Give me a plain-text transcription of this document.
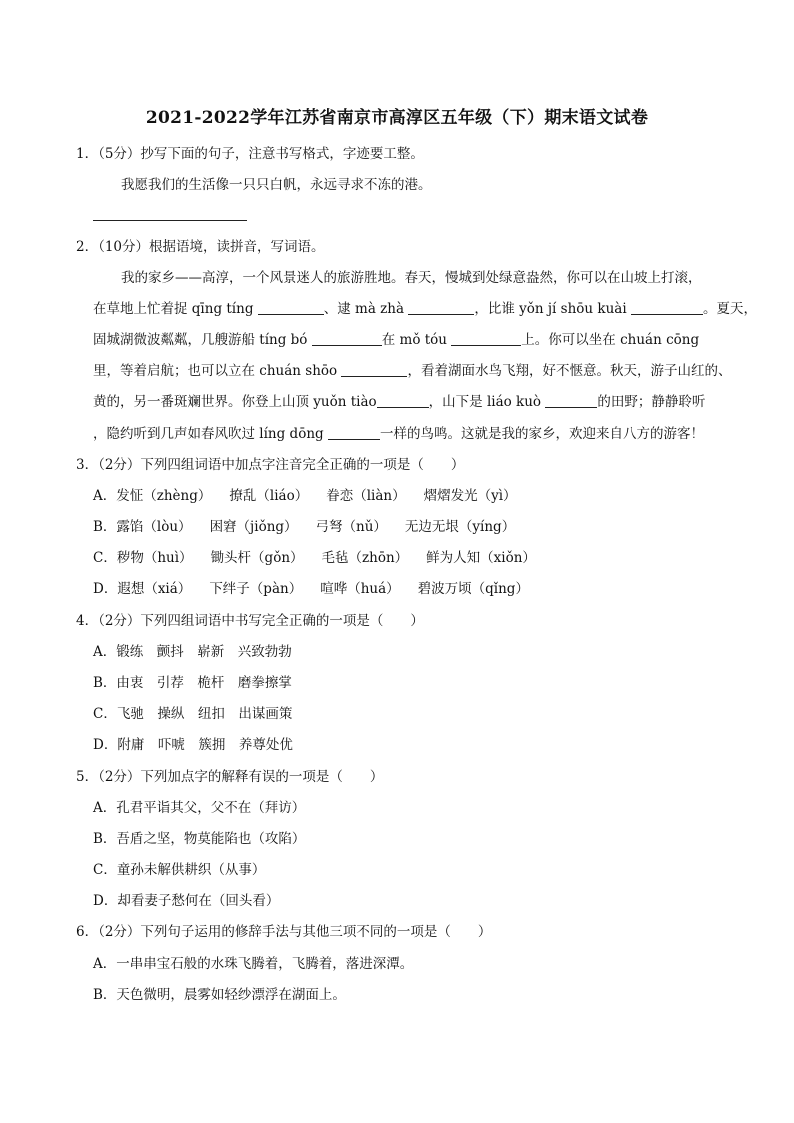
2021-2022学年江苏省南京市高淳区五年级（下）期末语文试卷
1．（5分）抄写下面的句子，注意书写格式，字迹要工整。
我愿我们的生活像一只只白帆，永远寻求不冻的港。
2．（10分）根据语境，读拼音，写词语。
我的家乡——高淳，一个风景迷人的旅游胜地。春天，慢城到处绿意盎然，你可以在山坡上打滚，
在草地上忙着捉 qīng tíng	、逮 mà zhà	，比谁 yǒn jí shōu kuài	。夏天，
固城湖微波粼粼，几艘游船 tíng bó	在 mǒ tóu	上。你可以坐在 chuán cōng
里，等着启航；也可以立在 chuán shōo	，看着湖面水鸟飞翔，好不惬意。秋天，游子山红的、
黄的，另一番斑斓世界。你登上山顶 yuǒn tiào	，山下是 liáo kuò	的田野；静静聆听
，隐约听到几声如春风吹过 líng dōng	一样的鸟鸣。这就是我的家乡，欢迎来自八方的游客！
3．（2分）下列四组词语中加点字注音完全正确的一项是（　　）
A．发怔（zhèng） 撩乱（liáo） 眷恋（liàn） 熠熠发光（yì）
B．露馅（lòu） 困窘（jiǒng） 弓弩（nǔ） 无边无垠（yíng）
C．秽物（huì） 锄头杆（gǒn） 毛毡（zhōn） 鲜为人知（xiǒn）
D．遐想（xiá） 下绊子（pàn） 喧哗（huá） 碧波万顷（qǐng）
4．（2分）下列四组词语中书写完全正确的一项是（　　）
A．锻练　颤抖　崭新　兴致勃勃
B．由衷　引荐　桅杆　磨拳擦掌
C．飞驰　操纵　纽扣　出谋画策
D．附庸　吓唬　簇拥　养尊处优
5．（2分）下列加点字的解释有误的一项是（　　）
A．孔君平诣其父，父不在（拜访）
B．吾盾之坚，物莫能陷也（攻陷）
C．童孙未解供耕织（从事）
D．却看妻子愁何在（回头看）
6．（2分）下列句子运用的修辞手法与其他三项不同的一项是（　　）
A．一串串宝石般的水珠飞腾着，飞腾着，落进深潭。
B．天色微明，晨雾如轻纱漂浮在湖面上。
